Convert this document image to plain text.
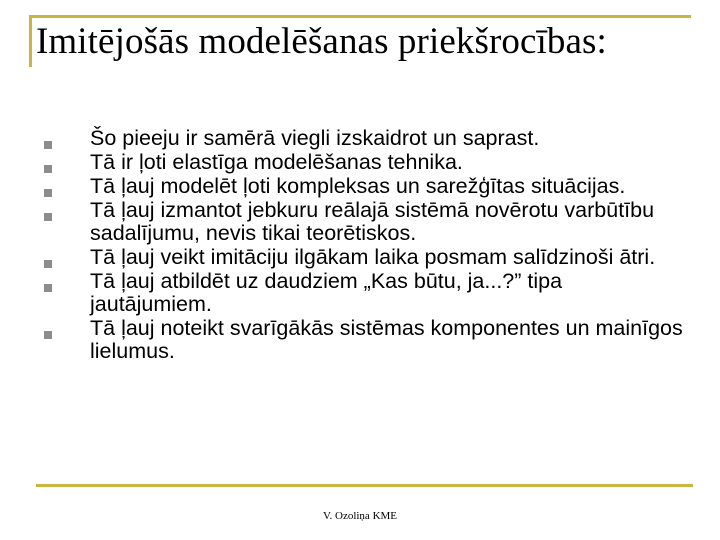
Imitējošās modelēšanas priekšrocības:
Šo pieeju ir samērā viegli izskaidrot un saprast.
Tā ir ļoti elastīga modelēšanas tehnika.
Tā ļauj modelēt ļoti kompleksas un sarežģītas situācijas.
Tā ļauj izmantot jebkuru reālajā sistēmā novērotu varbūtību sadalījumu, nevis tikai teorētiskos.
Tā ļauj veikt imitāciju ilgākam laika posmam salīdzinoši ātri.
Tā ļauj atbildēt uz daudziem „Kas būtu, ja...?” tipa jautājumiem.
Tā ļauj noteikt svarīgākās sistēmas komponentes un mainīgos lielumus.
V. Ozoliņa KME
